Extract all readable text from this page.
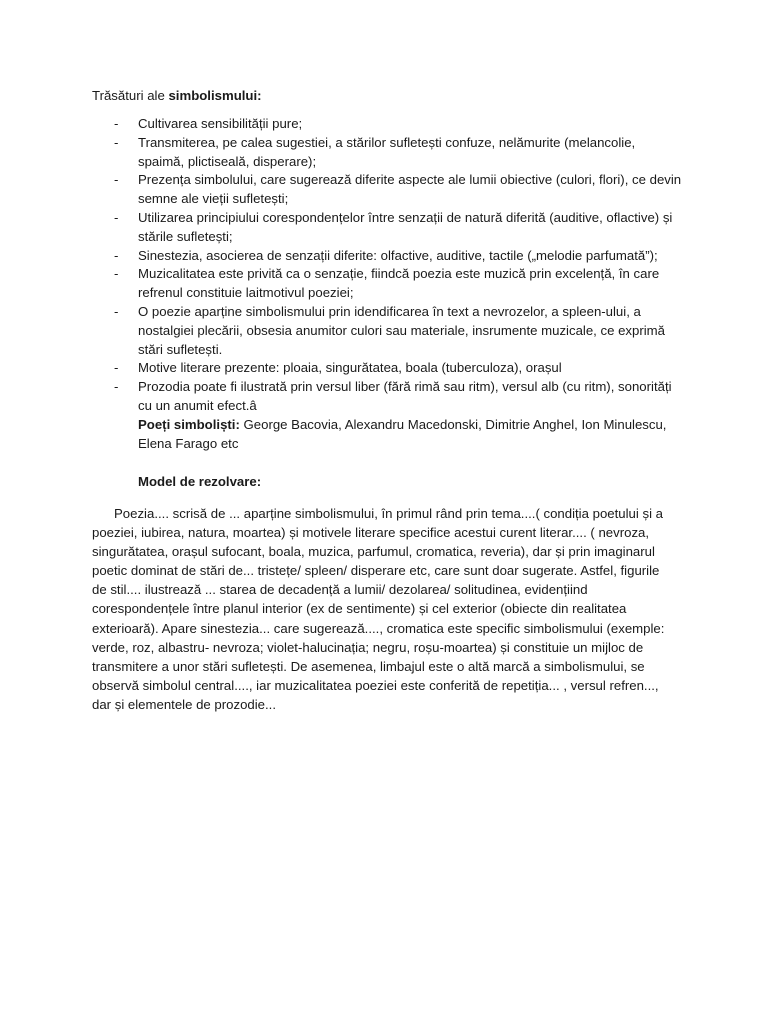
Trăsături ale simbolismului:

- Cultivarea sensibilității pure;
- Transmiterea, pe calea sugestiei, a stărilor sufletești confuze, nelămurite (melancolie, spaimă, plictiseală, disperare);
- Prezența simbolului, care sugerează diferite aspecte ale lumii obiective (culori, flori), ce devin semne ale vieții sufletești;
- Utilizarea principiului corespondențelor între senzații de natură diferită (auditive, oflactive) și stările sufletești;
- Sinestezia, asocierea de senzații diferite: olfactive, auditive, tactile („melodie parfumată”);
- Muzicalitatea este privită ca o senzație, fiindcă poezia este muzică prin excelență, în care refrenul constituie laitmotivul poeziei;
- O poezie aparține simbolismului prin idendificarea în text a nevrozelor, a spleen-ului, a nostalgiei plecării, obsesia anumitor culori sau materiale, insrumente muzicale, ce exprimă stări sufletești.
- Motive literare prezente: ploaia, singurătatea, boala (tuberculoza), orașul
- Prozodia poate fi ilustrată prin versul liber (fără rimă sau ritm), versul alb (cu ritm), sonorități cu un anumit efect.â

Poeți simboliști: George Bacovia, Alexandru Macedonski, Dimitrie Anghel, Ion Minulescu, Elena Farago etc

Model de rezolvare:

Poezia.... scrisă de ... aparține simbolismului, în primul rând prin tema....( condiția poetului și a poeziei, iubirea, natura, moartea) și motivele literare specifice acestui curent literar.... ( nevroza, singurătatea, orașul sufocant, boala, muzica, parfumul, cromatica, reveria), dar și prin imaginarul poetic dominat de stări de... tristețe/ spleen/ disperare etc, care sunt doar sugerate. Astfel, figurile de stil.... ilustrează ... starea de decadență a lumii/ dezolarea/ solitudinea, evidențiind corespondențele între planul interior (ex de sentimente) și cel exterior (obiecte din realitatea exterioară). Apare sinestezia... care sugerează...., cromatica este specific simbolismului (exemple: verde, roz, albastru- nevroza; violet-halucinația; negru, roșu-moartea) și constituie un mijloc de transmitere a unor stări sufletești. De asemenea, limbajul este o altă marcă a simbolismului, se observă simbolul central...., iar muzicalitatea poeziei este conferită de repetiția... , versul refren..., dar și elementele de prozodie...
